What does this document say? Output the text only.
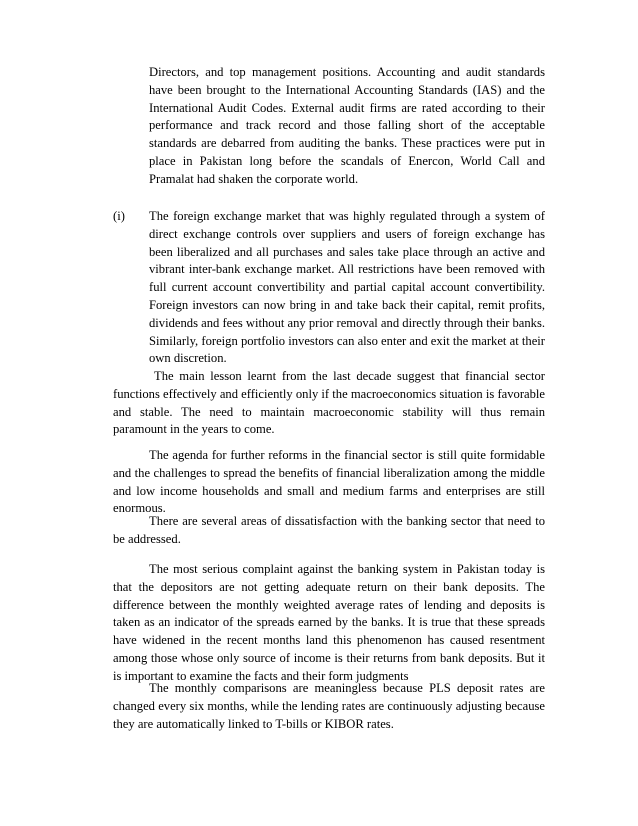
Directors, and top management positions. Accounting and audit standards have been brought to the International Accounting Standards (IAS) and the International Audit Codes. External audit firms are rated according to their performance and track record and those falling short of the acceptable standards are debarred from auditing the banks. These practices were put in place in Pakistan long before the scandals of Enercon, World Call and Pramalat had shaken the corporate world.

(i) The foreign exchange market that was highly regulated through a system of direct exchange controls over suppliers and users of foreign exchange has been liberalized and all purchases and sales take place through an active and vibrant inter-bank exchange market. All restrictions have been removed with full current account convertibility and partial capital account convertibility. Foreign investors can now bring in and take back their capital, remit profits, dividends and fees without any prior removal and directly through their banks. Similarly, foreign portfolio investors can also enter and exit the market at their own discretion.

The main lesson learnt from the last decade suggest that financial sector functions effectively and efficiently only if the macroeconomics situation is favorable and stable. The need to maintain macroeconomic stability will thus remain paramount in the years to come.

The agenda for further reforms in the financial sector is still quite formidable and the challenges to spread the benefits of financial liberalization among the middle and low income households and small and medium farms and enterprises are still enormous.

There are several areas of dissatisfaction with the banking sector that need to be addressed.

The most serious complaint against the banking system in Pakistan today is that the depositors are not getting adequate return on their bank deposits. The difference between the monthly weighted average rates of lending and deposits is taken as an indicator of the spreads earned by the banks. It is true that these spreads have widened in the recent months land this phenomenon has caused resentment among those whose only source of income is their returns from bank deposits. But it is important to examine the facts and their form judgments

The monthly comparisons are meaningless because PLS deposit rates are changed every six months, while the lending rates are continuously adjusting because they are automatically linked to T-bills or KIBOR rates.
